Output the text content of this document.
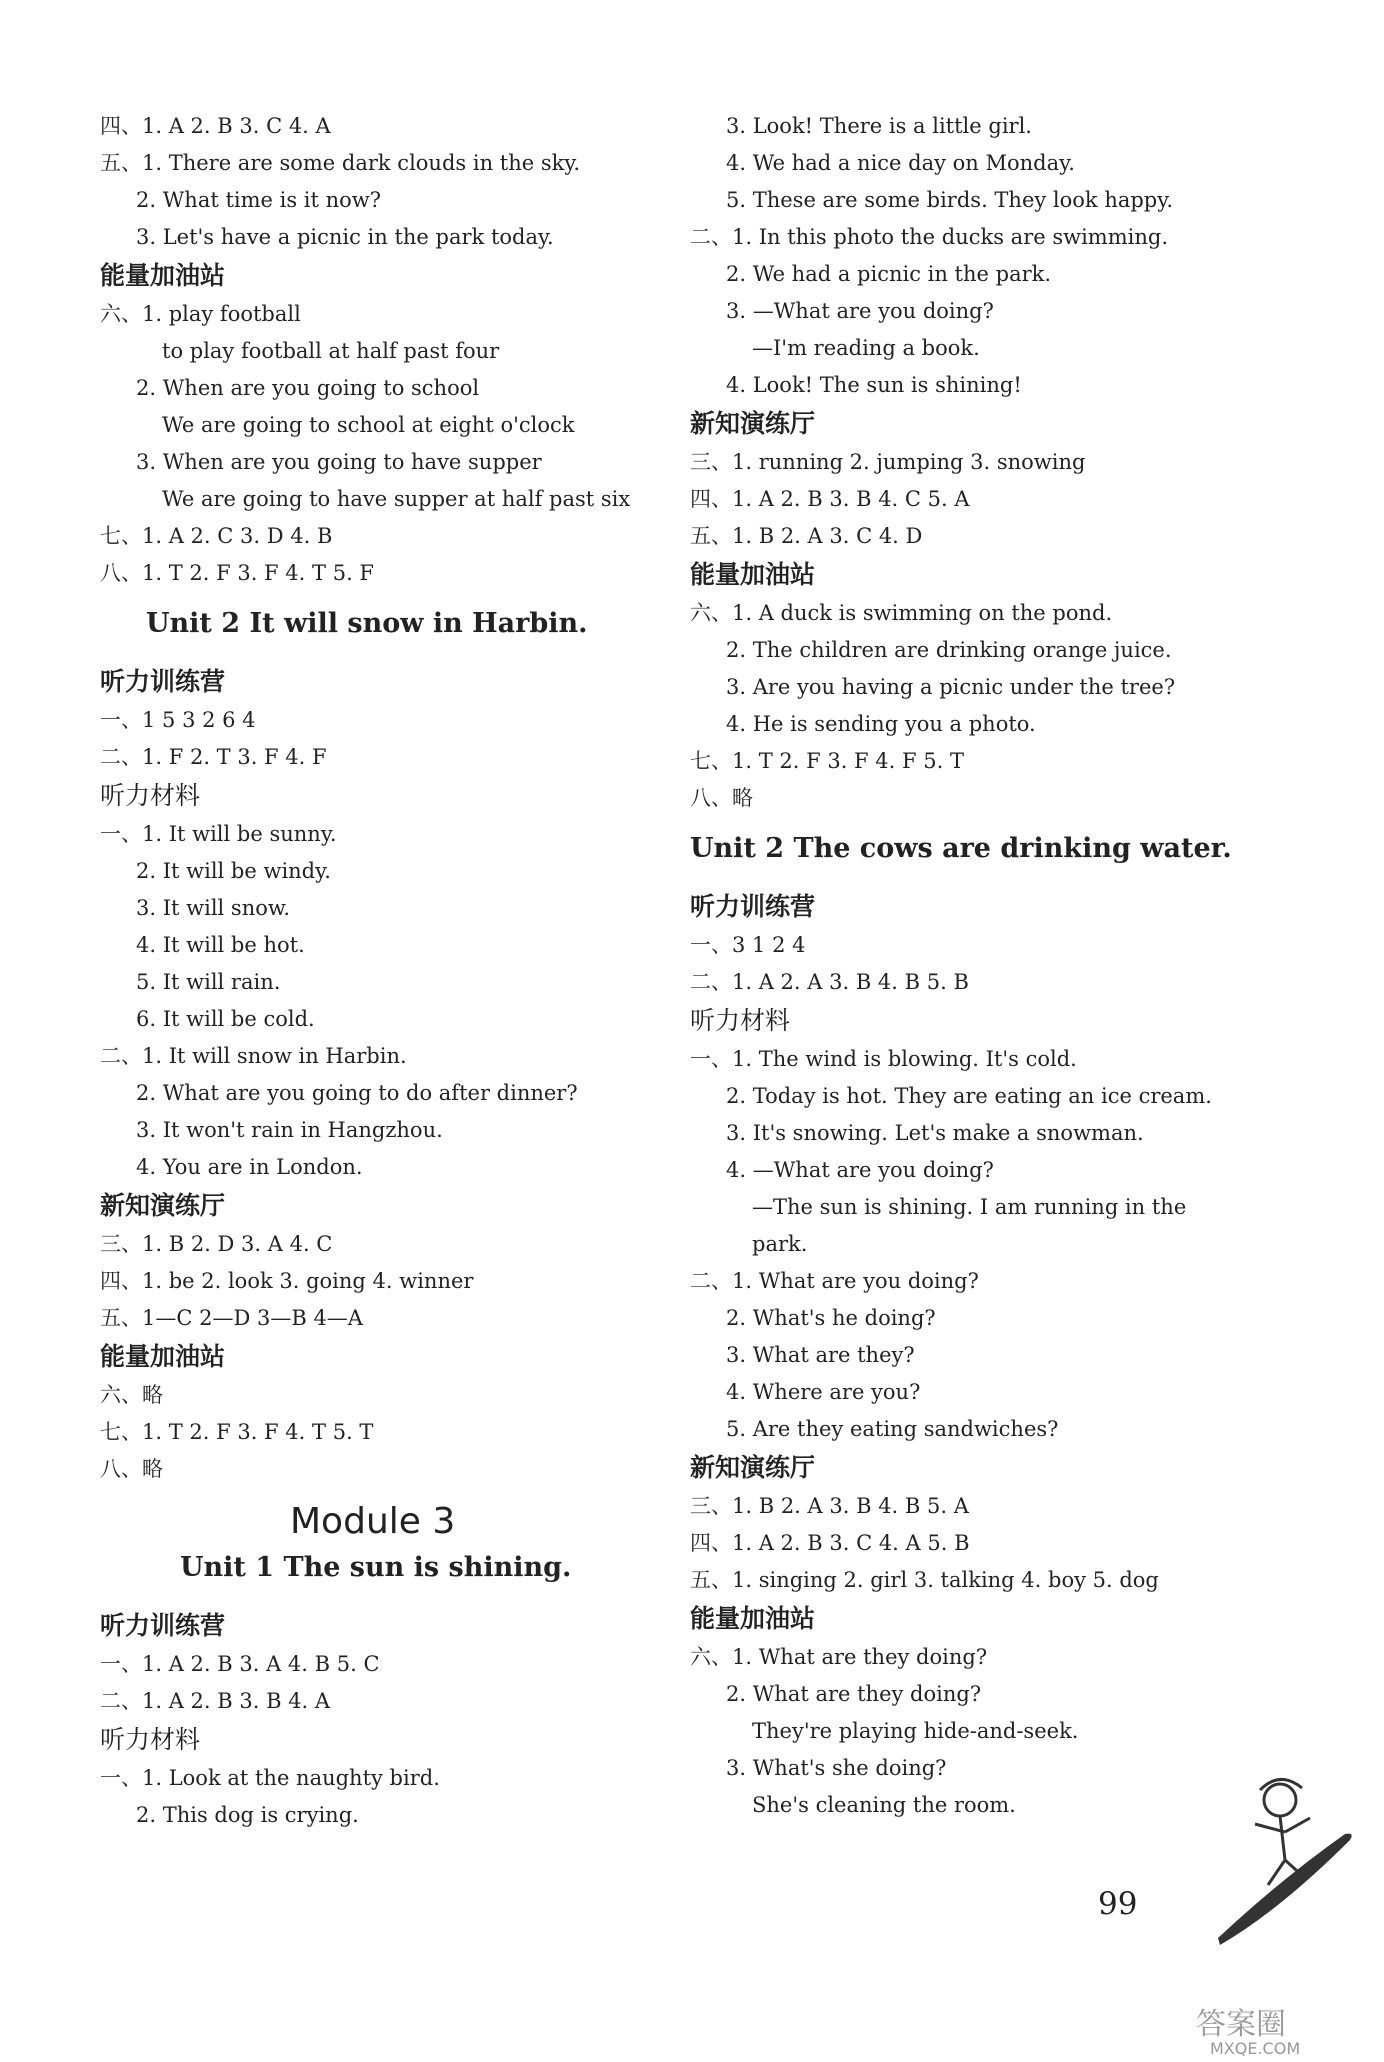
四、1. A 2. B 3. C 4. A
五、1. There are some dark clouds in the sky.
2. What time is it now?
3. Let's have a picnic in the park today.
能量加油站
六、1. play football
to play football at half past four
2. When are you going to school
We are going to school at eight o'clock
3. When are you going to have supper
We are going to have supper at half past six
七、1. A 2. C 3. D 4. B
八、1. T 2. F 3. F 4. T 5. F
Unit 2 It will snow in Harbin.
听力训练营
一、1 5 3 2 6 4
二、1. F 2. T 3. F 4. F
听力材料
一、1. It will be sunny.
2. It will be windy.
3. It will snow.
4. It will be hot.
5. It will rain.
6. It will be cold.
二、1. It will snow in Harbin.
2. What are you going to do after dinner?
3. It won't rain in Hangzhou.
4. You are in London.
新知演练厅
三、1. B 2. D 3. A 4. C
四、1. be 2. look 3. going 4. winner
五、1—C 2—D 3—B 4—A
能量加油站
六、略
七、1. T 2. F 3. F 4. T 5. T
八、略
Module 3
Unit 1 The sun is shining.
听力训练营
一、1. A 2. B 3. A 4. B 5. C
二、1. A 2. B 3. B 4. A
听力材料
一、1. Look at the naughty bird.
2. This dog is crying.
3. Look! There is a little girl.
4. We had a nice day on Monday.
5. These are some birds. They look happy.
二、1. In this photo the ducks are swimming.
2. We had a picnic in the park.
3. —What are you doing?
—I'm reading a book.
4. Look! The sun is shining!
新知演练厅
三、1. running 2. jumping 3. snowing
四、1. A 2. B 3. B 4. C 5. A
五、1. B 2. A 3. C 4. D
能量加油站
六、1. A duck is swimming on the pond.
2. The children are drinking orange juice.
3. Are you having a picnic under the tree?
4. He is sending you a photo.
七、1. T 2. F 3. F 4. F 5. T
八、略
Unit 2 The cows are drinking water.
听力训练营
一、3 1 2 4
二、1. A 2. A 3. B 4. B 5. B
听力材料
一、1. The wind is blowing. It's cold.
2. Today is hot. They are eating an ice cream.
3. It's snowing. Let's make a snowman.
4. —What are you doing?
—The sun is shining. I am running in the
park.
二、1. What are you doing?
2. What's he doing?
3. What are they?
4. Where are you?
5. Are they eating sandwiches?
新知演练厅
三、1. B 2. A 3. B 4. B 5. A
四、1. A 2. B 3. C 4. A 5. B
五、1. singing 2. girl 3. talking 4. boy 5. dog
能量加油站
六、1. What are they doing?
2. What are they doing?
They're playing hide-and-seek.
3. What's she doing?
She's cleaning the room.
99
答案圈
MXQE.COM
